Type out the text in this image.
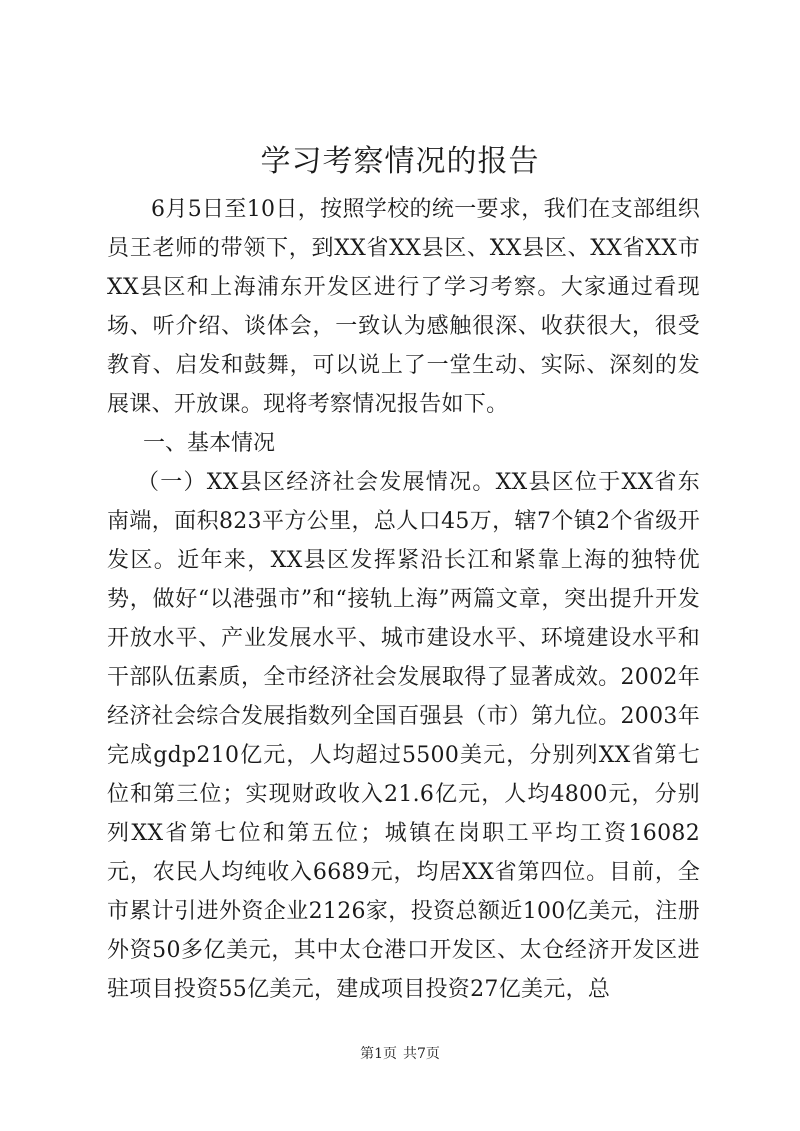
学习考察情况的报告

6月5日至10日，按照学校的统一要求，我们在支部组织员王老师的带领下，到XX省XX县区、XX县区、XX省XX市XX县区和上海浦东开发区进行了学习考察。大家通过看现场、听介绍、谈体会，一致认为感触很深、收获很大，很受教育、启发和鼓舞，可以说上了一堂生动、实际、深刻的发展课、开放课。现将考察情况报告如下。

一、基本情况

（一）XX县区经济社会发展情况。XX县区位于XX省东南端，面积823平方公里，总人口45万，辖7个镇2个省级开发区。近年来，XX县区发挥紧沿长江和紧靠上海的独特优势，做好“以港强市”和“接轨上海”两篇文章，突出提升开发开放水平、产业发展水平、城市建设水平、环境建设水平和干部队伍素质，全市经济社会发展取得了显著成效。2002年经济社会综合发展指数列全国百强县（市）第九位。2003年完成gdp210亿元，人均超过5500美元，分别列XX省第七位和第三位；实现财政收入21.6亿元，人均4800元，分别列XX省第七位和第五位；城镇在岗职工平均工资16082元，农民人均纯收入6689元，均居XX省第四位。目前，全市累计引进外资企业2126家，投资总额近100亿美元，注册外资50多亿美元，其中太仓港口开发区、太仓经济开发区进驻项目投资55亿美元，建成项目投资27亿美元，总

第1页 共7页
